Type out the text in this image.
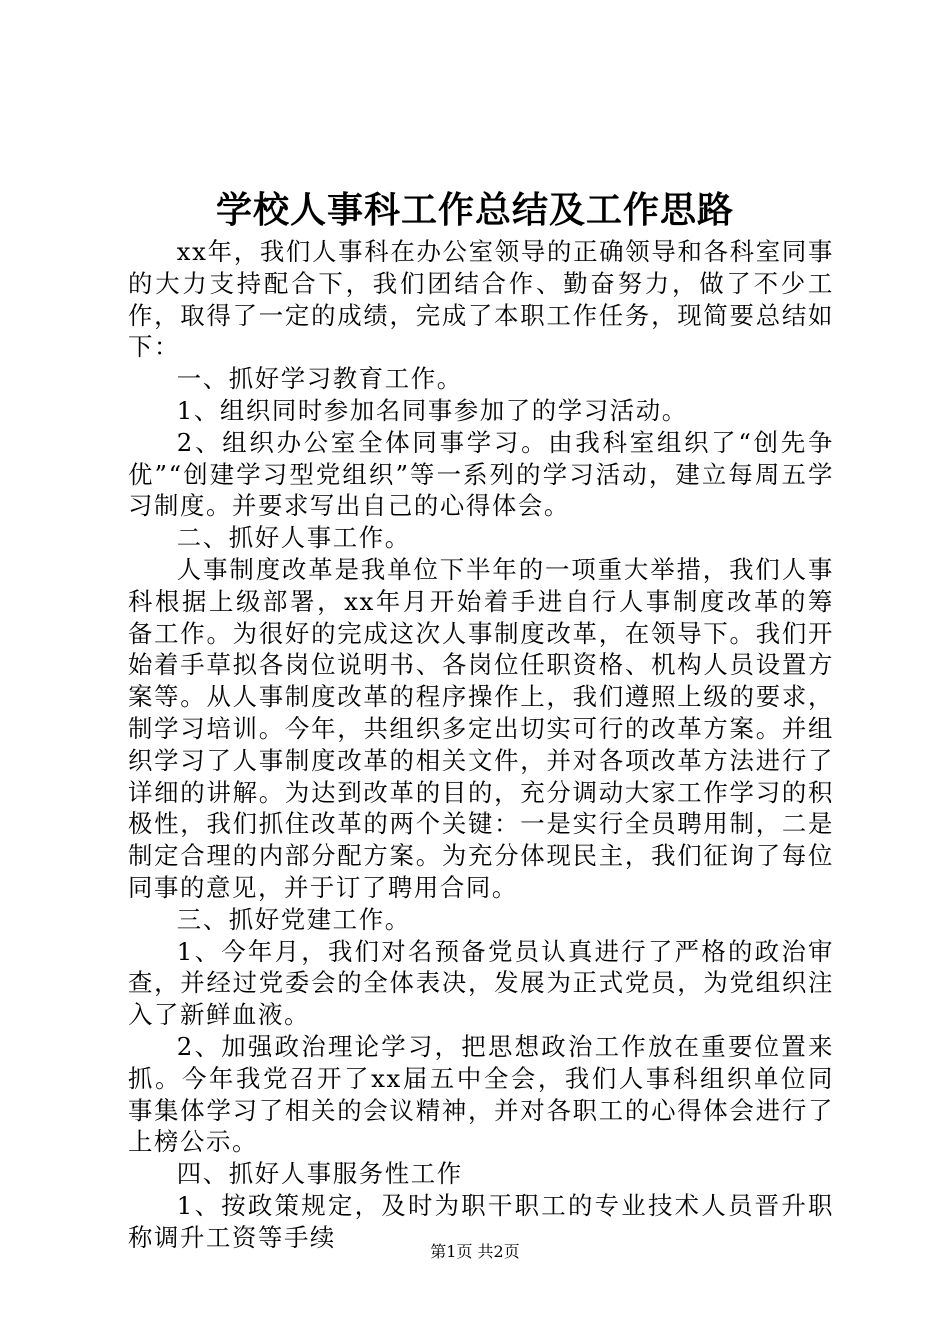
学校人事科工作总结及工作思路

xx年，我们人事科在办公室领导的正确领导和各科室同事的大力支持配合下，我们团结合作、勤奋努力，做了不少工作，取得了一定的成绩，完成了本职工作任务，现简要总结如下：

一、抓好学习教育工作。

1、组织同时参加名同事参加了的学习活动。

2、组织办公室全体同事学习。由我科室组织了“创先争优”“创建学习型党组织”等一系列的学习活动，建立每周五学习制度。并要求写出自己的心得体会。

二、抓好人事工作。

人事制度改革是我单位下半年的一项重大举措，我们人事科根据上级部署，xx年月开始着手进自行人事制度改革的筹备工作。为很好的完成这次人事制度改革，在领导下。我们开始着手草拟各岗位说明书、各岗位任职资格、机构人员设置方案等。从人事制度改革的程序操作上，我们遵照上级的要求，制学习培训。今年，共组织多定出切实可行的改革方案。并组织学习了人事制度改革的相关文件，并对各项改革方法进行了详细的讲解。为达到改革的目的，充分调动大家工作学习的积极性，我们抓住改革的两个关键：一是实行全员聘用制，二是制定合理的内部分配方案。为充分体现民主，我们征询了每位同事的意见，并于订了聘用合同。

三、抓好党建工作。

1、今年月，我们对名预备党员认真进行了严格的政治审查，并经过党委会的全体表决，发展为正式党员，为党组织注入了新鲜血液。

2、加强政治理论学习，把思想政治工作放在重要位置来抓。今年我党召开了xx届五中全会，我们人事科组织单位同事集体学习了相关的会议精神，并对各职工的心得体会进行了上榜公示。

四、抓好人事服务性工作

1、按政策规定，及时为职干职工的专业技术人员晋升职称调升工资等手续	第1页 共2页
